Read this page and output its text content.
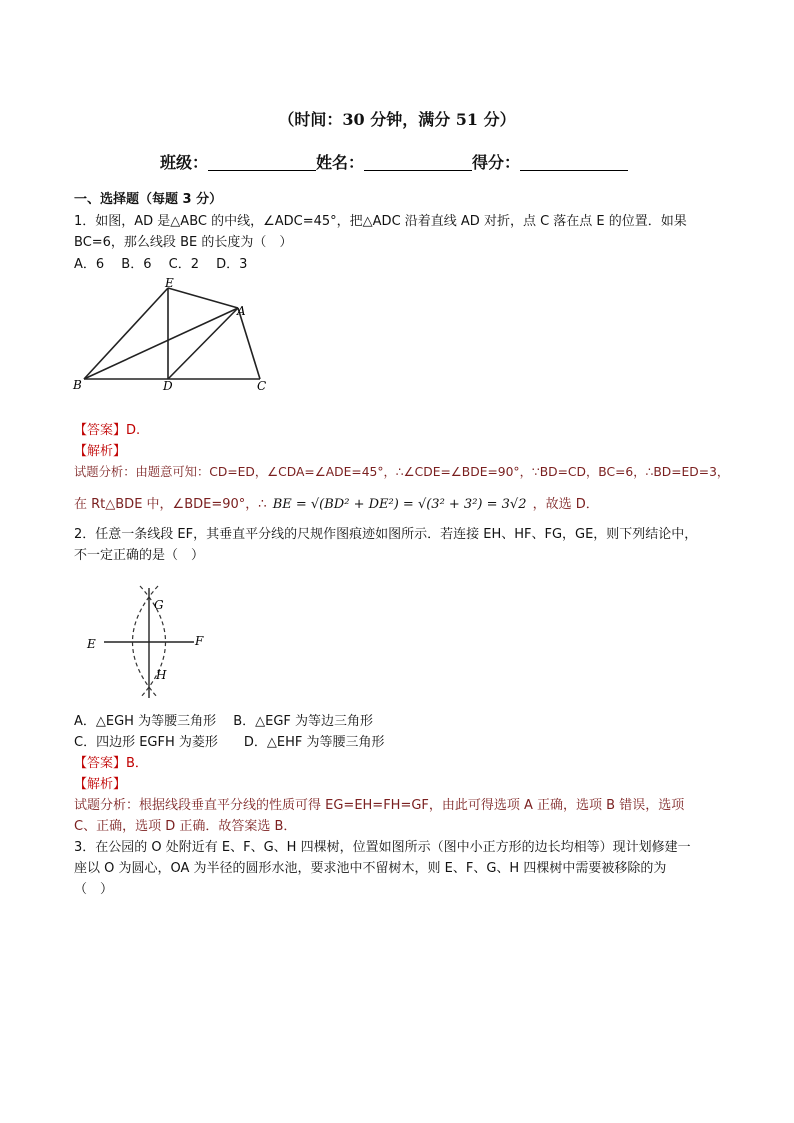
（时间：30 分钟，满分 51 分）
班级：	姓名：	得分：
一、选择题（每题 3 分）
1．如图，AD 是△ABC 的中线，∠ADC=45°，把△ADC 沿着直线 AD 对折，点 C 落在点 E 的位置．如果
BC=6，那么线段 BE 的长度为（　）
A．6　 B．6　 C．2　 D．3
E
A
B	D	C
【答案】D.
【解析】
试题分析：由题意可知：CD=ED，∠CDA=∠ADE=45°，∴∠CDE=∠BDE=90°，∵BD=CD，BC=6，∴BD=ED=3，
在 Rt△BDE 中，∠BDE=90°，∴ BE = √(BD² + DE²) = √(3² + 3²) = 3√2 ，故选 D．
2．任意一条线段 EF，其垂直平分线的尺规作图痕迹如图所示．若连接 EH、HF、FG，GE，则下列结论中，
不一定正确的是（　）
G
E	F
H
A．△EGH 为等腰三角形　 B．△EGF 为等边三角形
C．四边形 EGFH 为菱形　　D．△EHF 为等腰三角形
【答案】B．
【解析】
试题分析：根据线段垂直平分线的性质可得 EG=EH=FH=GF，由此可得选项 A 正确，选项 B 错误，选项
C、正确，选项 D 正确．故答案选 B．
3．在公园的 O 处附近有 E、F、G、H 四棵树，位置如图所示（图中小正方形的边长均相等）现计划修建一
座以 O 为圆心，OA 为半径的圆形水池，要求池中不留树木，则 E、F、G、H 四棵树中需要被移除的为
（　）
